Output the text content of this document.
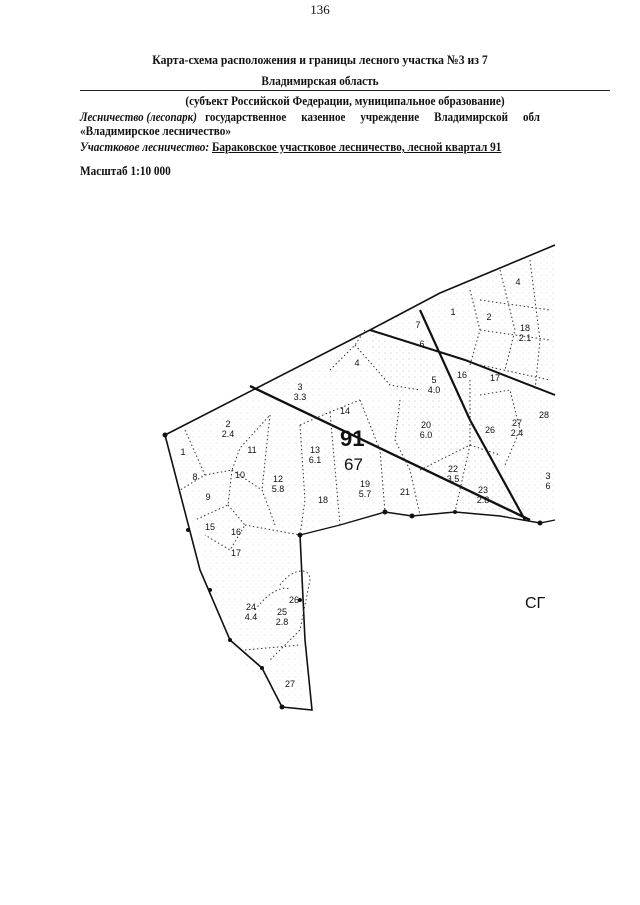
136
Карта-схема расположения и границы лесного участка №3 из 7
Владимирская область
(субъект Российской Федерации, муниципальное образование)
Лесничество (лесопарк) государственное казенное учреждение Владимирской обл
«Владимирское лесничество»
Участковое лесничество: Бараковское участковое лесничество, лесной квартал 91
Масштаб 1:10 000
91
67
1
2
2.4
3
3.3
4
5
4.0
8
9
10
11
12
5.8
13
6.1
14
15 16
17
18
19
5.7
20
6.0
21
22
3.5
23
2.8
24
4.4 25
2.8
26
27
1	2
4
7
6
16	17
18
2.1
26
27
2.4
28
3
6
СГ
